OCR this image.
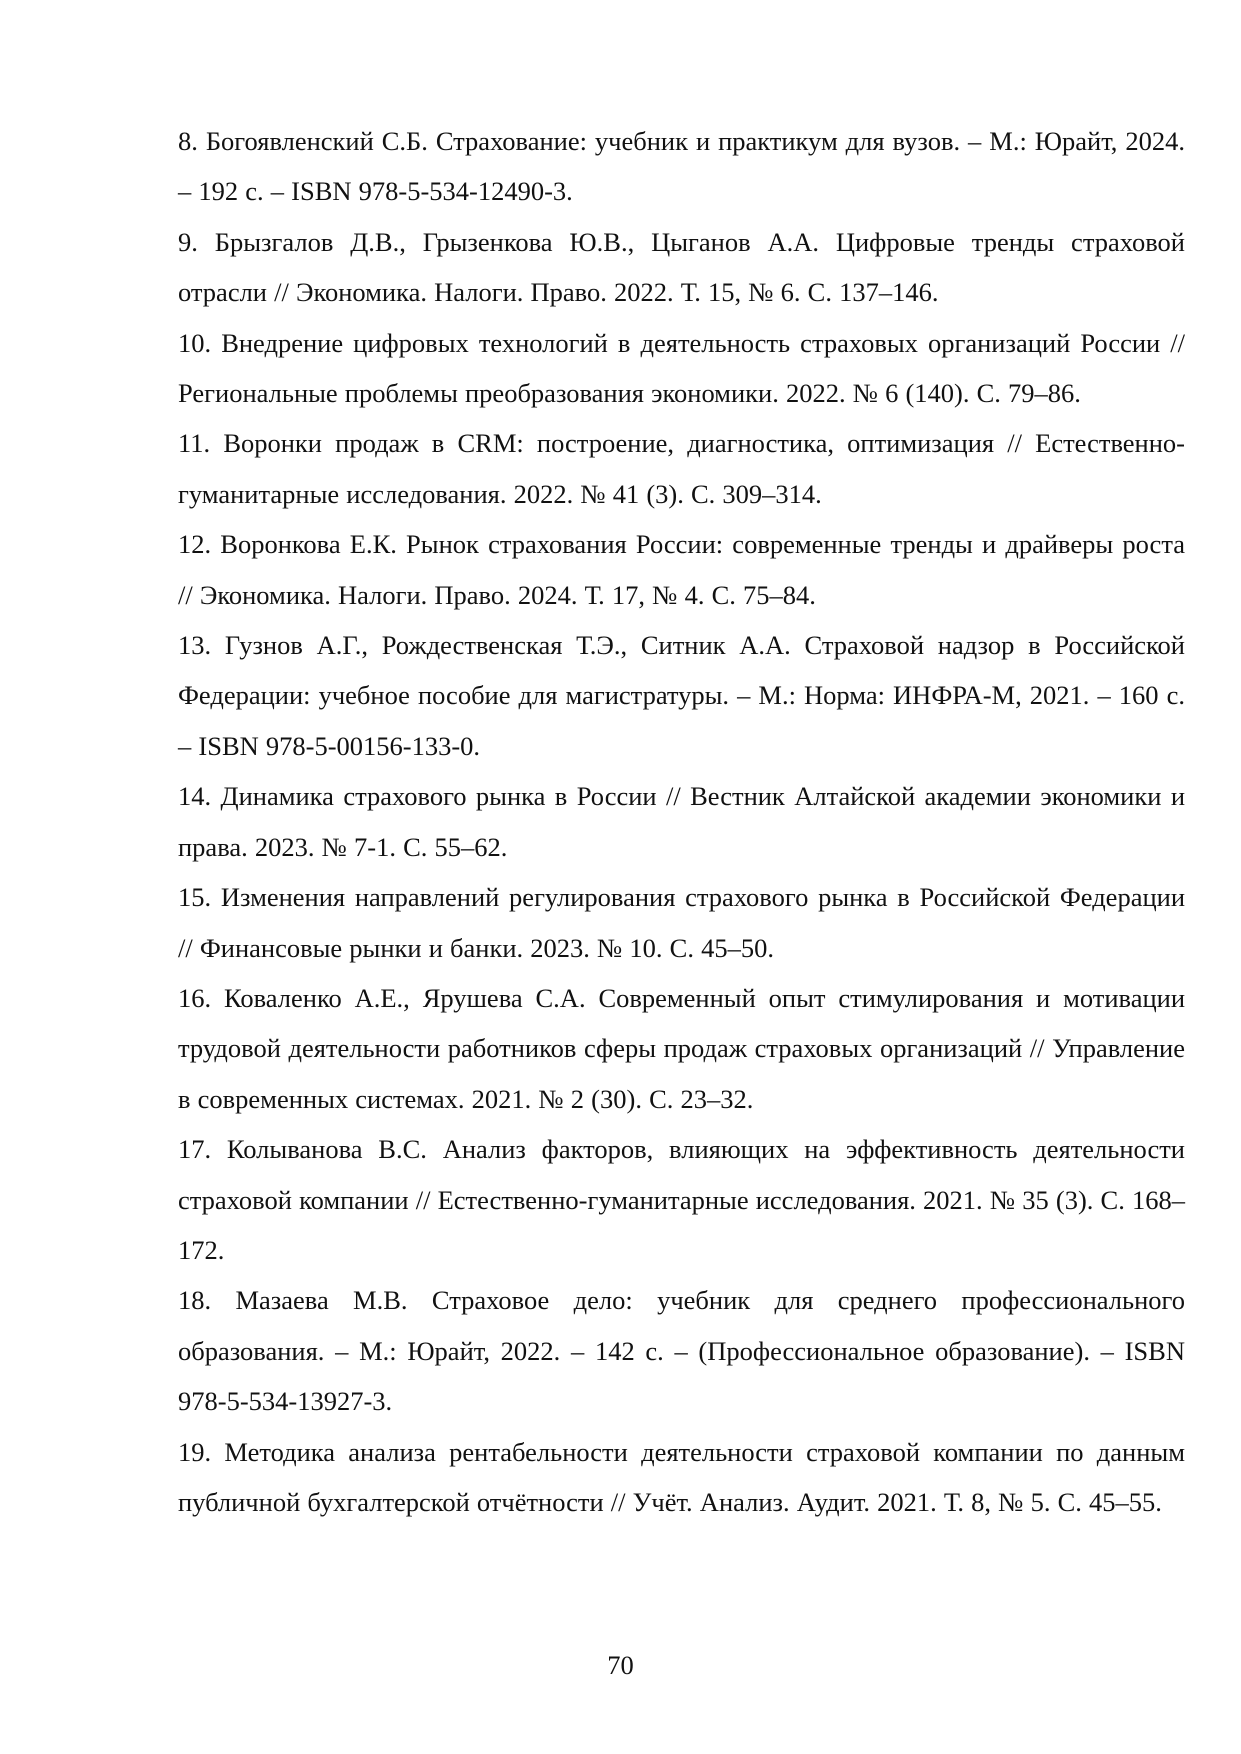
8. Богоявленский С.Б. Страхование: учебник и практикум для вузов. – М.: Юрайт, 2024. – 192 с. – ISBN 978-5-534-12490-3.
9. Брызгалов Д.В., Грызенкова Ю.В., Цыганов А.А. Цифровые тренды страховой отрасли // Экономика. Налоги. Право. 2022. Т. 15, № 6. С. 137–146.
10. Внедрение цифровых технологий в деятельность страховых организаций России // Региональные проблемы преобразования экономики. 2022. № 6 (140). С. 79–86.
11. Воронки продаж в CRM: построение, диагностика, оптимизация // Естественно-гуманитарные исследования. 2022. № 41 (3). С. 309–314.
12. Воронкова Е.К. Рынок страхования России: современные тренды и драйверы роста // Экономика. Налоги. Право. 2024. Т. 17, № 4. С. 75–84.
13. Гузнов А.Г., Рождественская Т.Э., Ситник А.А. Страховой надзор в Российской Федерации: учебное пособие для магистратуры. – М.: Норма: ИНФРА-М, 2021. – 160 с. – ISBN 978-5-00156-133-0.
14. Динамика страхового рынка в России // Вестник Алтайской академии экономики и права. 2023. № 7-1. С. 55–62.
15. Изменения направлений регулирования страхового рынка в Российской Федерации // Финансовые рынки и банки. 2023. № 10. С. 45–50.
16. Коваленко А.Е., Ярушева С.А. Современный опыт стимулирования и мотивации трудовой деятельности работников сферы продаж страховых организаций // Управление в современных системах. 2021. № 2 (30). С. 23–32.
17. Колыванова В.С. Анализ факторов, влияющих на эффективность деятельности страховой компании // Естественно-гуманитарные исследования. 2021. № 35 (3). С. 168–172.
18. Мазаева М.В. Страховое дело: учебник для среднего профессионального образования. – М.: Юрайт, 2022. – 142 с. – (Профессиональное образование). – ISBN 978-5-534-13927-3.
19. Методика анализа рентабельности деятельности страховой компании по данным публичной бухгалтерской отчётности // Учёт. Анализ. Аудит. 2021. Т. 8, № 5. С. 45–55.
70
